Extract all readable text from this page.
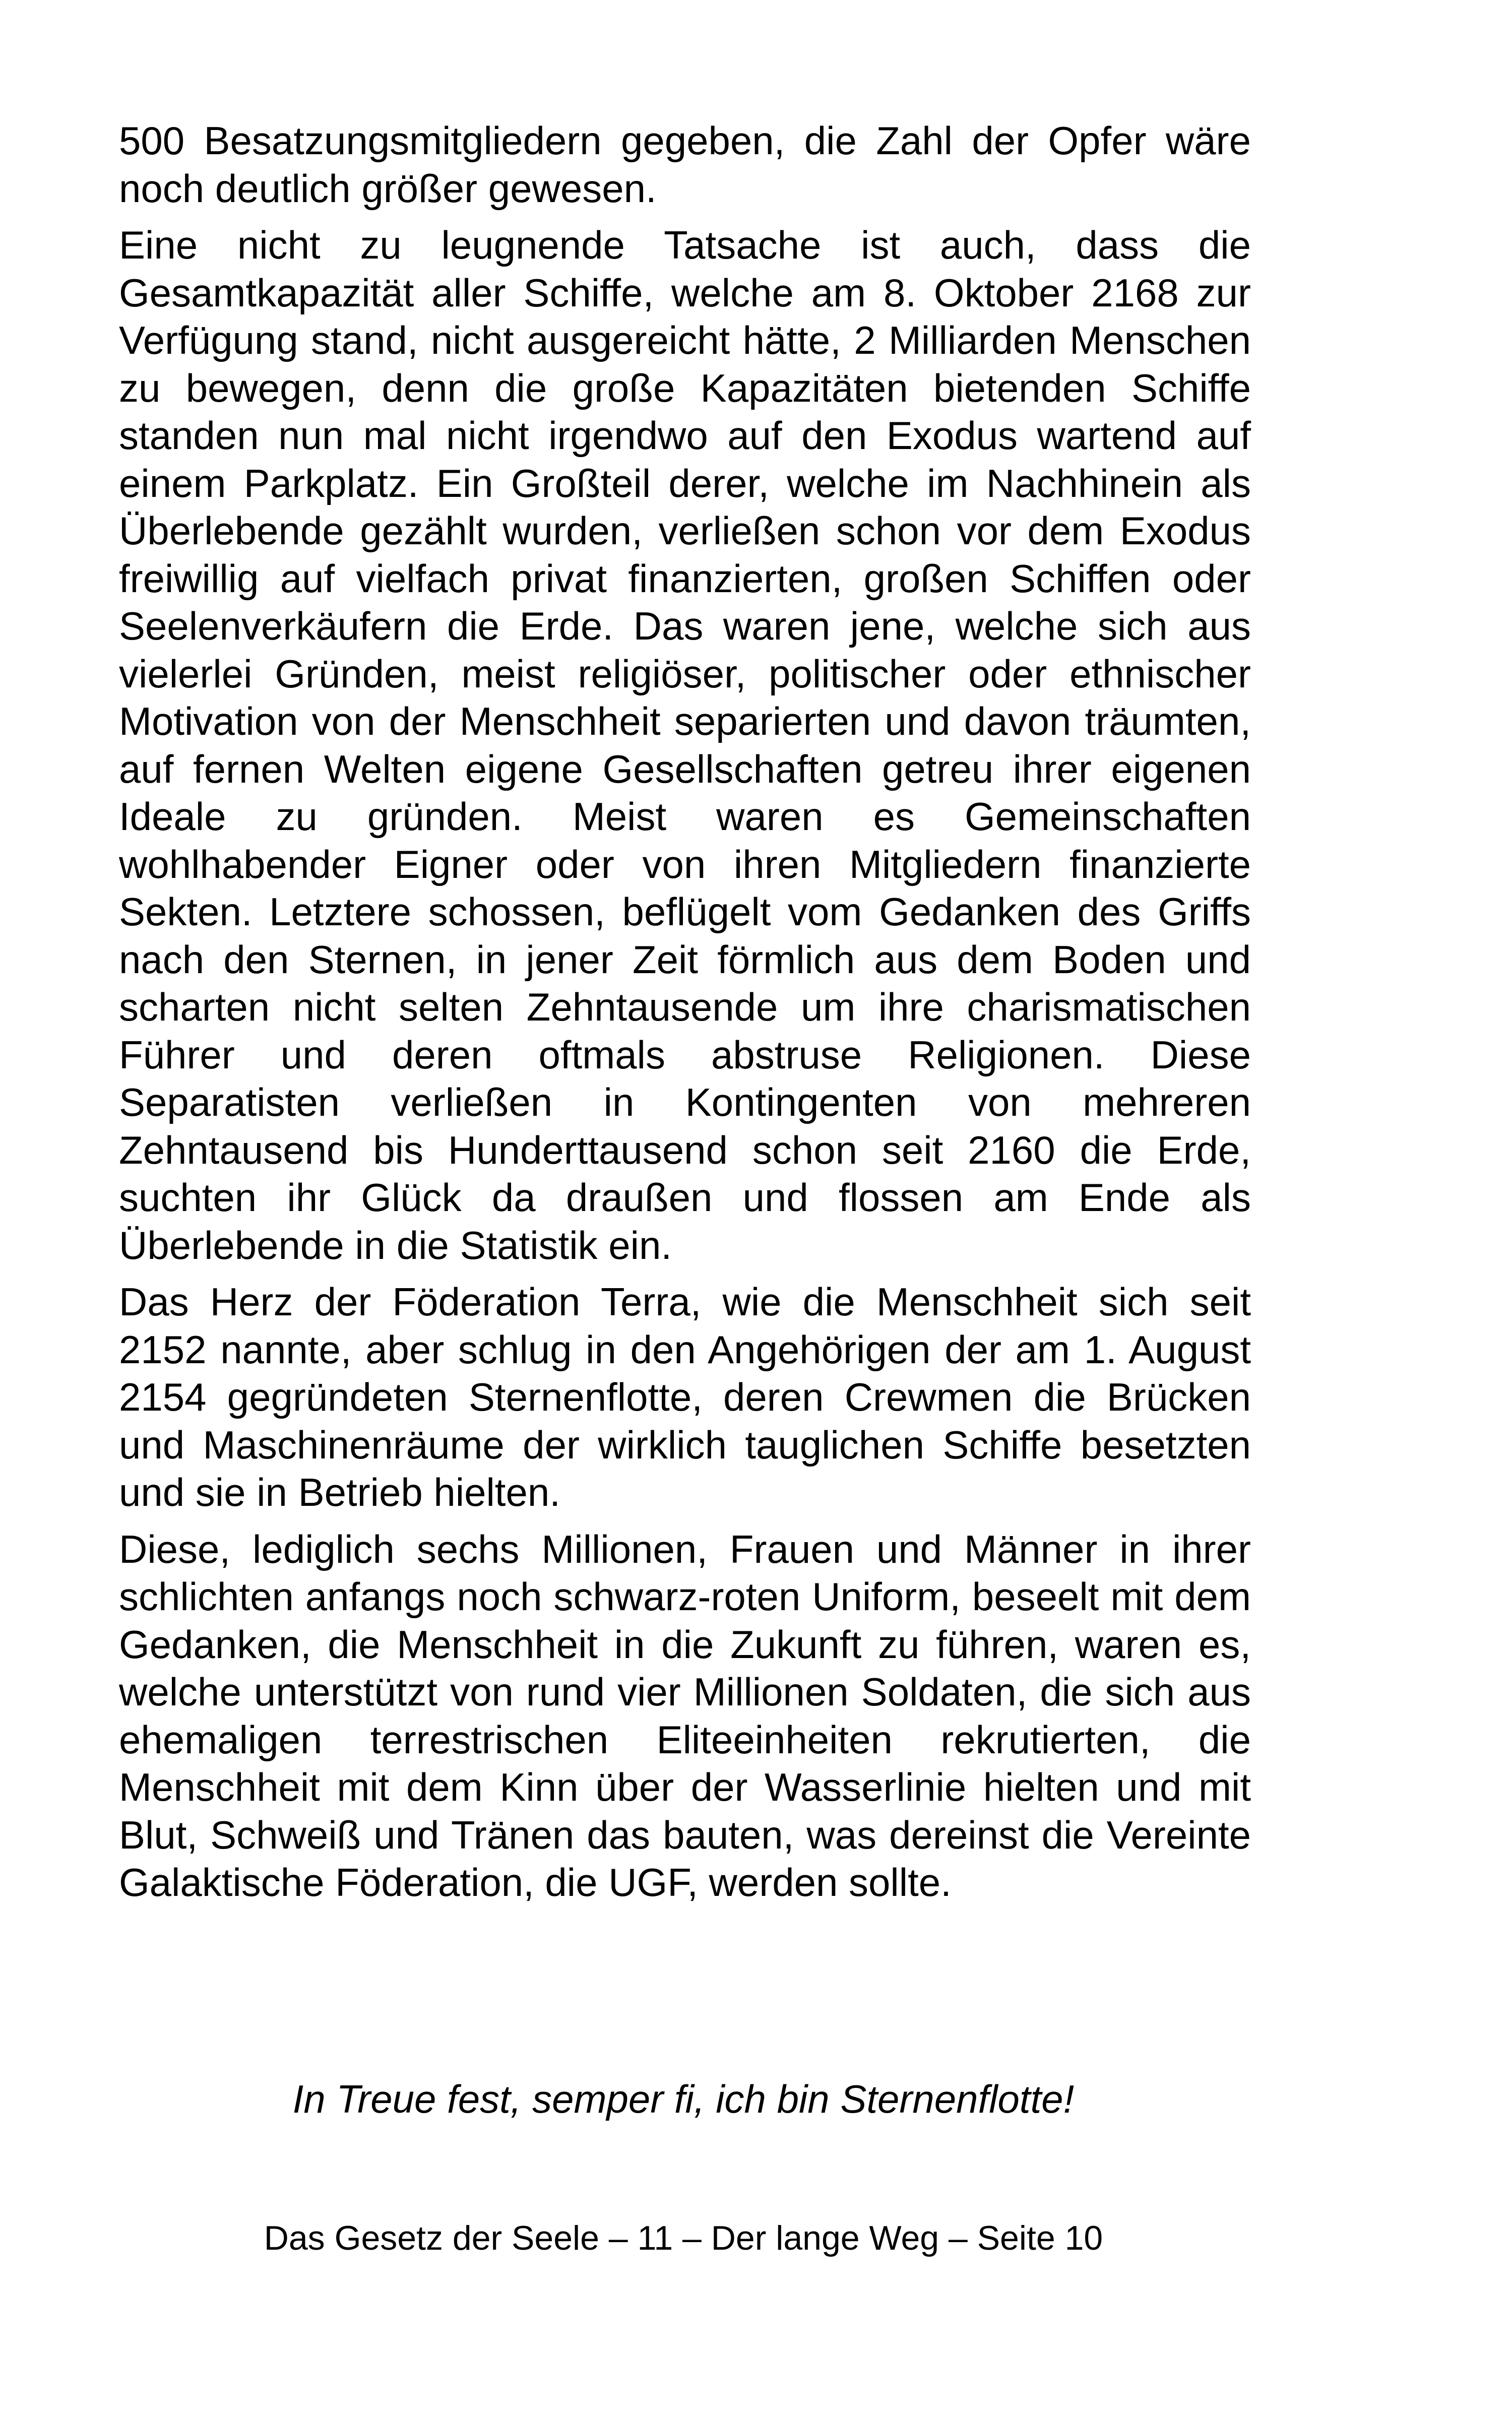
500 Besatzungsmitgliedern gegeben, die Zahl der Opfer wäre noch deutlich größer gewesen.

Eine nicht zu leugnende Tatsache ist auch, dass die Gesamtkapazität aller Schiffe, welche am 8. Oktober 2168 zur Verfügung stand, nicht ausgereicht hätte, 2 Milliarden Menschen zu bewegen, denn die große Kapazitäten bietenden Schiffe standen nun mal nicht irgendwo auf den Exodus wartend auf einem Parkplatz. Ein Großteil derer, welche im Nachhinein als Überlebende gezählt wurden, verließen schon vor dem Exodus freiwillig auf vielfach privat finanzierten, großen Schiffen oder Seelenverkäufern die Erde. Das waren jene, welche sich aus vielerlei Gründen, meist religiöser, politischer oder ethnischer Motivation von der Menschheit separierten und davon träumten, auf fernen Welten eigene Gesellschaften getreu ihrer eigenen Ideale zu gründen. Meist waren es Gemeinschaften wohlhabender Eigner oder von ihren Mitgliedern finanzierte Sekten. Letztere schossen, beflügelt vom Gedanken des Griffs nach den Sternen, in jener Zeit förmlich aus dem Boden und scharten nicht selten Zehntausende um ihre charismatischen Führer und deren oftmals abstruse Religionen. Diese Separatisten verließen in Kontingenten von mehreren Zehntausend bis Hunderttausend schon seit 2160 die Erde, suchten ihr Glück da draußen und flossen am Ende als Überlebende in die Statistik ein.

Das Herz der Föderation Terra, wie die Menschheit sich seit 2152 nannte, aber schlug in den Angehörigen der am 1. August 2154 gegründeten Sternenflotte, deren Crewmen die Brücken und Maschinenräume der wirklich tauglichen Schiffe besetzten und sie in Betrieb hielten.

Diese, lediglich sechs Millionen, Frauen und Männer in ihrer schlichten anfangs noch schwarz-roten Uniform, beseelt mit dem Gedanken, die Menschheit in die Zukunft zu führen, waren es, welche unterstützt von rund vier Millionen Soldaten, die sich aus ehemaligen terrestrischen Eliteeinheiten rekrutierten, die Menschheit mit dem Kinn über der Wasserlinie hielten und mit Blut, Schweiß und Tränen das bauten, was dereinst die Vereinte Galaktische Föderation, die UGF, werden sollte.

In Treue fest, semper fi, ich bin Sternenflotte!
Das Gesetz der Seele – 11 – Der lange Weg – Seite 10
